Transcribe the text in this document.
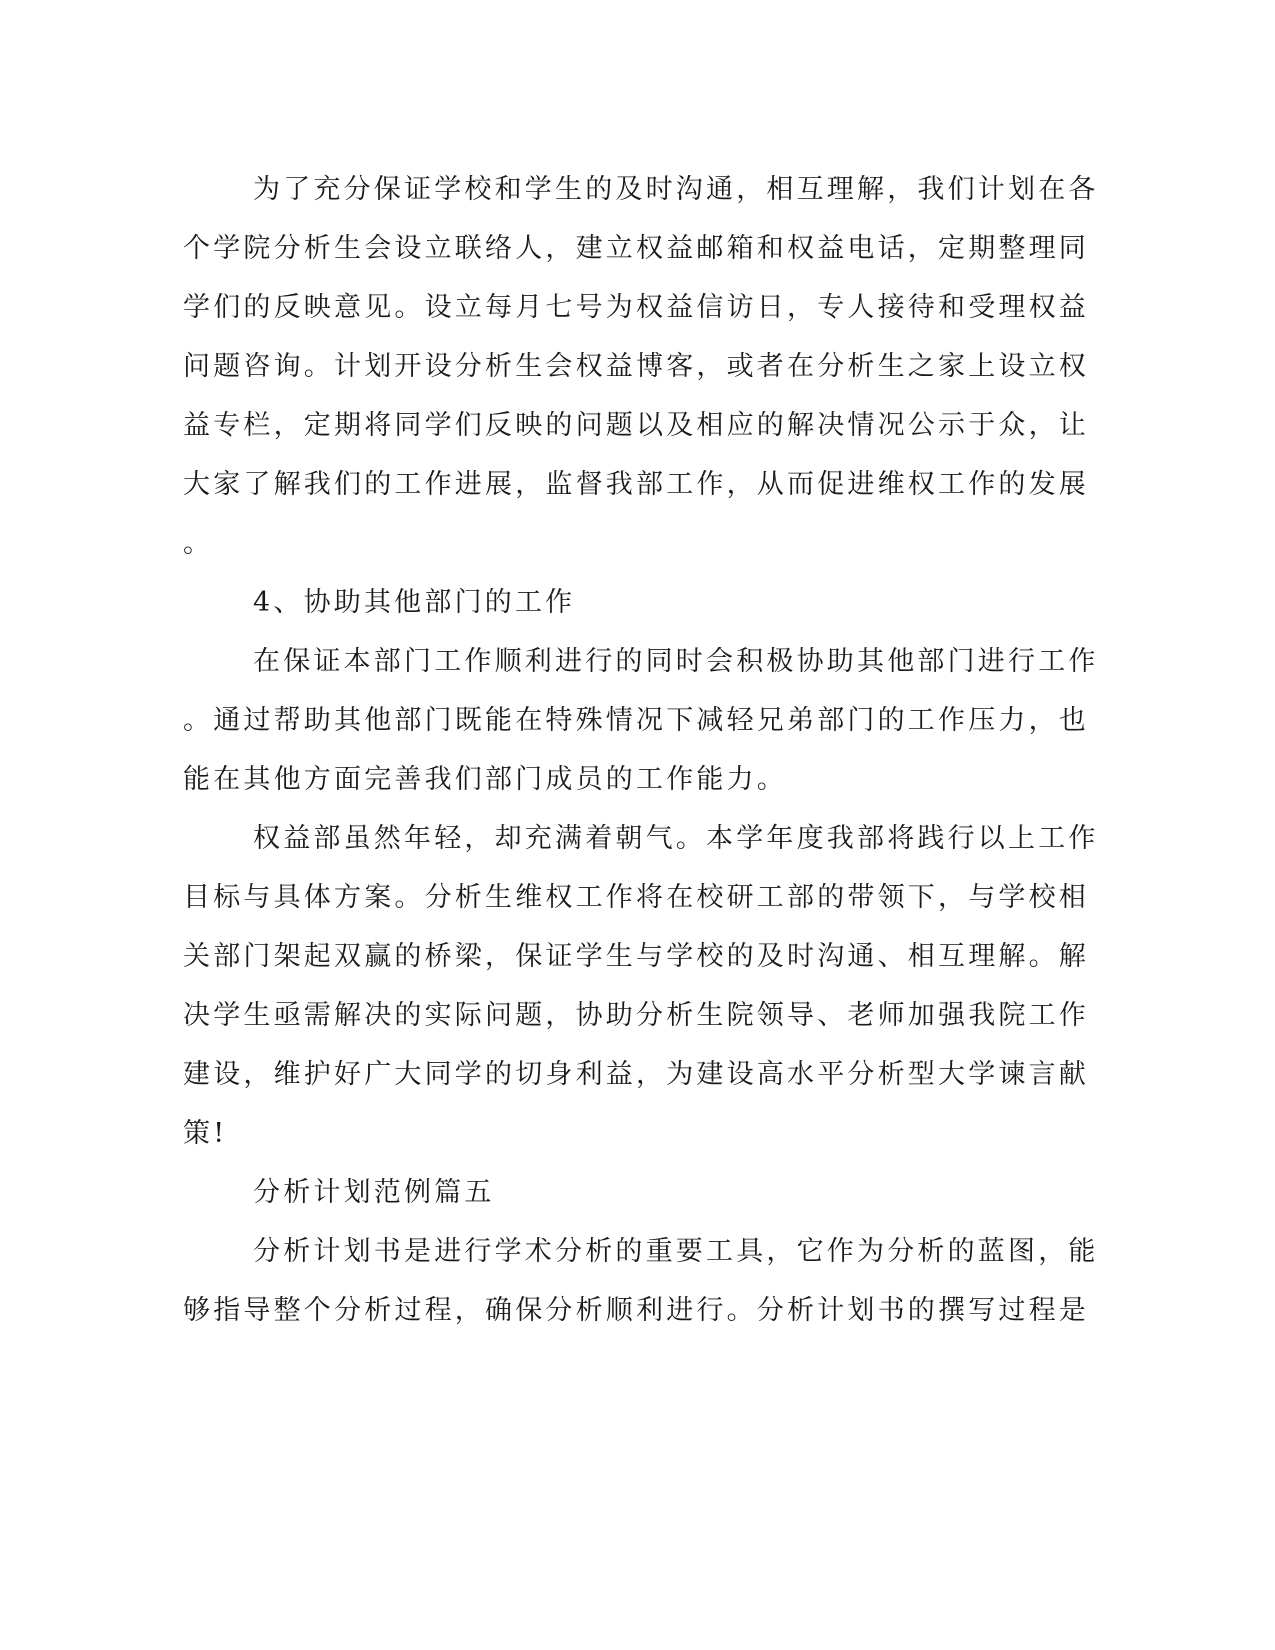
为了充分保证学校和学生的及时沟通，相互理解，我们计划在各
个学院分析生会设立联络人，建立权益邮箱和权益电话，定期整理同
学们的反映意见。设立每月七号为权益信访日，专人接待和受理权益
问题咨询。计划开设分析生会权益博客，或者在分析生之家上设立权
益专栏，定期将同学们反映的问题以及相应的解决情况公示于众，让
大家了解我们的工作进展，监督我部工作，从而促进维权工作的发展
。
4、协助其他部门的工作
在保证本部门工作顺利进行的同时会积极协助其他部门进行工作
。通过帮助其他部门既能在特殊情况下减轻兄弟部门的工作压力，也
能在其他方面完善我们部门成员的工作能力。
权益部虽然年轻，却充满着朝气。本学年度我部将践行以上工作
目标与具体方案。分析生维权工作将在校研工部的带领下，与学校相
关部门架起双赢的桥梁，保证学生与学校的及时沟通、相互理解。解
决学生亟需解决的实际问题，协助分析生院领导、老师加强我院工作
建设，维护好广大同学的切身利益，为建设高水平分析型大学谏言献
策!
分析计划范例篇五
分析计划书是进行学术分析的重要工具，它作为分析的蓝图，能
够指导整个分析过程，确保分析顺利进行。分析计划书的撰写过程是
